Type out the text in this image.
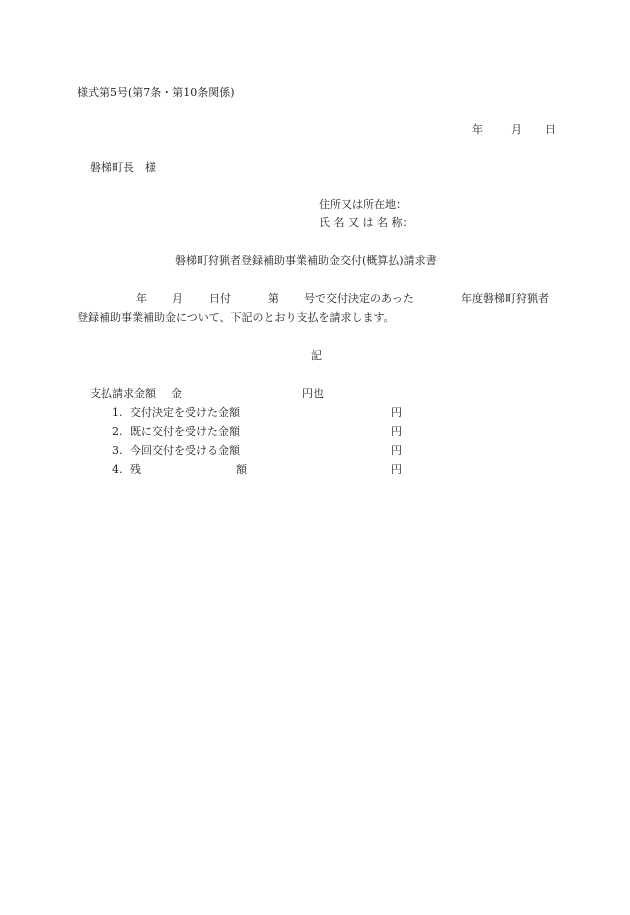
様式第5号(第7条・第10条関係)
年	月 日
磐梯町長　様
住所又は所在地：
氏 名 又 は 名 称：
磐梯町狩猟者登録補助事業補助金交付(概算払)請求書
年 月 日付	第 号で交付決定のあった	年度磐梯町狩猟者
登録補助事業補助金について、下記のとおり支払を請求します。
記
支払請求金額 金	円也
1. 交付決定を受けた金額	円
2. 既に交付を受けた金額	円
3. 今回交付を受ける金額	円
4. 残	額	円
